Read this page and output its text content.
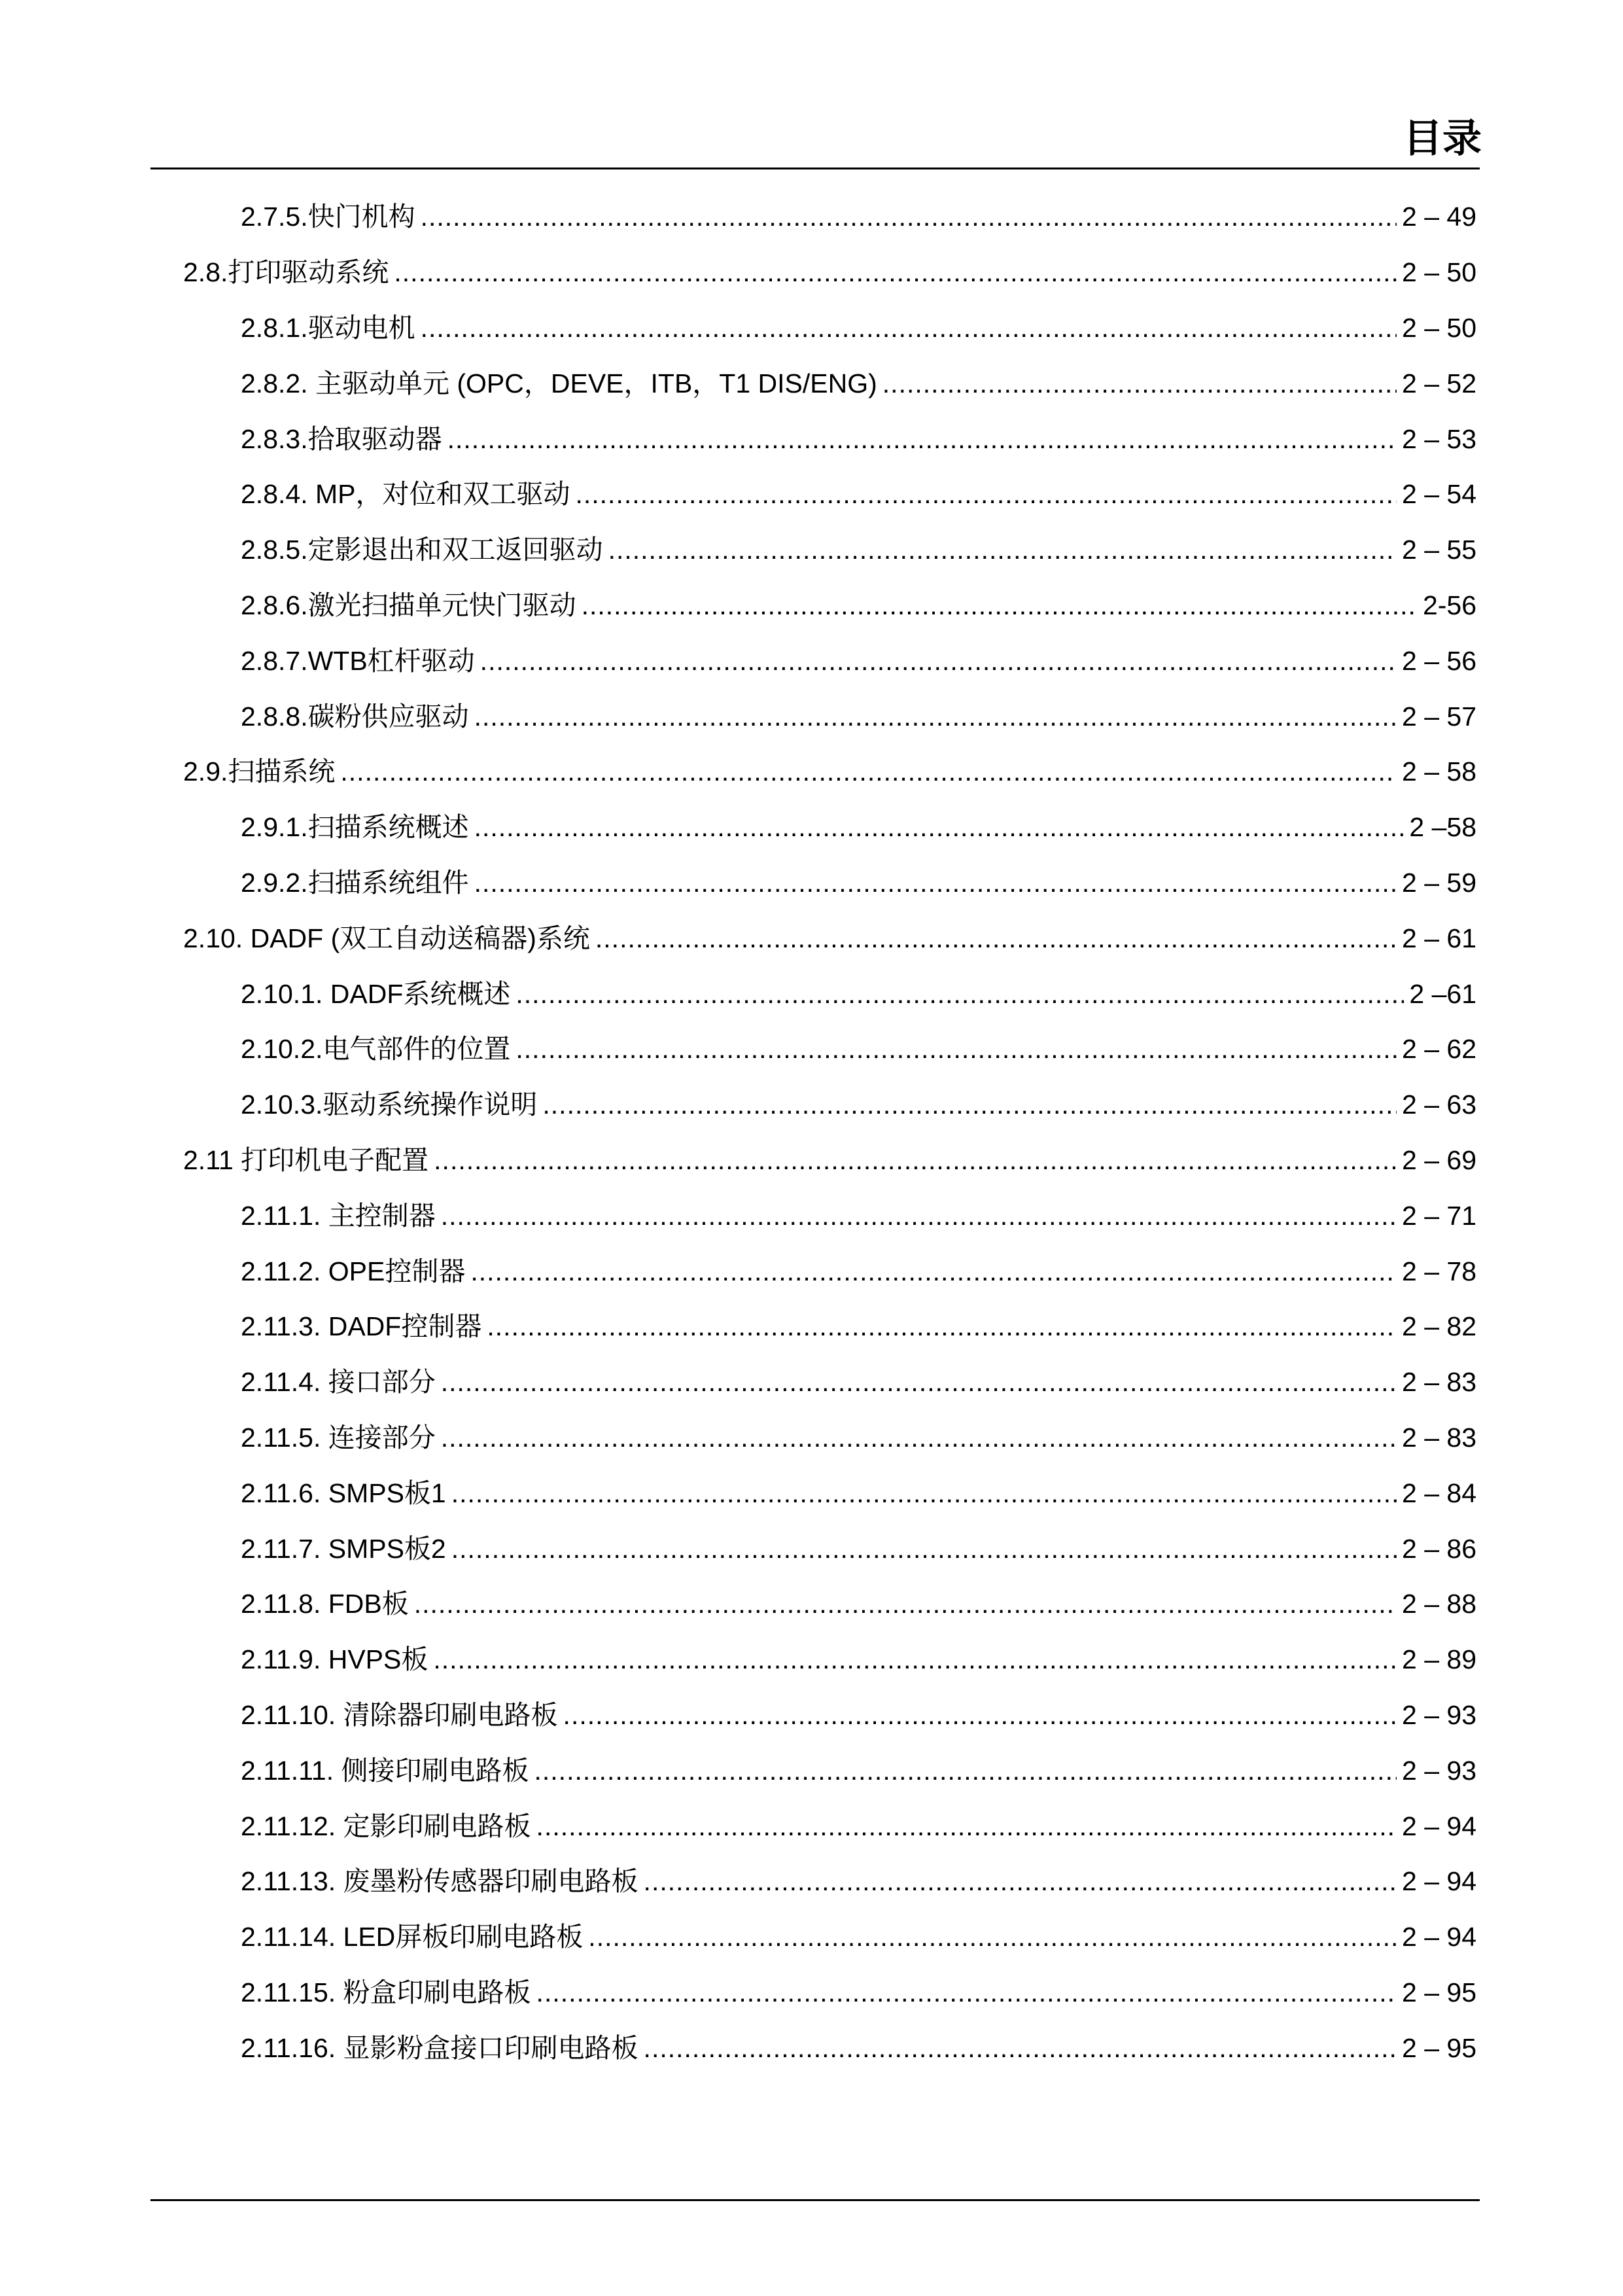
目录
2.7.5.快门机构 .....	2 – 49
2.8.打印驱动系统 .....	2 – 50
2.8.1.驱动电机 .....	2 – 50
2.8.2. 主驱动单元 (OPC，DEVE，ITB，T1 DIS/ENG) .....	2 – 52
2.8.3.拾取驱动器 .....	2 – 53
2.8.4. MP，对位和双工驱动 .....	2 – 54
2.8.5.定影退出和双工返回驱动 .....	2 – 55
2.8.6.激光扫描单元快门驱动 .....	2-56
2.8.7.WTB杠杆驱动 .....	2 – 56
2.8.8.碳粉供应驱动 .....	2 – 57
2.9.扫描系统 .....	2 – 58
2.9.1.扫描系统概述 .....	2 –58
2.9.2.扫描系统组件 .....	2 – 59
2.10. DADF (双工自动送稿器)系统 .....	2 – 61
2.10.1. DADF系统概述 .....	2 –61
2.10.2.电气部件的位置 .....	2 – 62
2.10.3.驱动系统操作说明 .....	2 – 63
2.11 打印机电子配置 .....	2 – 69
2.11.1. 主控制器 .....	2 – 71
2.11.2. OPE控制器 .....	2 – 78
2.11.3. DADF控制器 .....	2 – 82
2.11.4. 接口部分 .....	2 – 83
2.11.5. 连接部分 .....	2 – 83
2.11.6. SMPS板1 .....	2 – 84
2.11.7. SMPS板2 .....	2 – 86
2.11.8. FDB板 .....	2 – 88
2.11.9. HVPS板 .....	2 – 89
2.11.10. 清除器印刷电路板 .....	2 – 93
2.11.11. 侧接印刷电路板 .....	2 – 93
2.11.12. 定影印刷电路板 .....	2 – 94
2.11.13. 废墨粉传感器印刷电路板 .....	2 – 94
2.11.14. LED屏板印刷电路板 .....	2 – 94
2.11.15. 粉盒印刷电路板 .....	2 – 95
2.11.16. 显影粉盒接口印刷电路板 .....	2 – 95
